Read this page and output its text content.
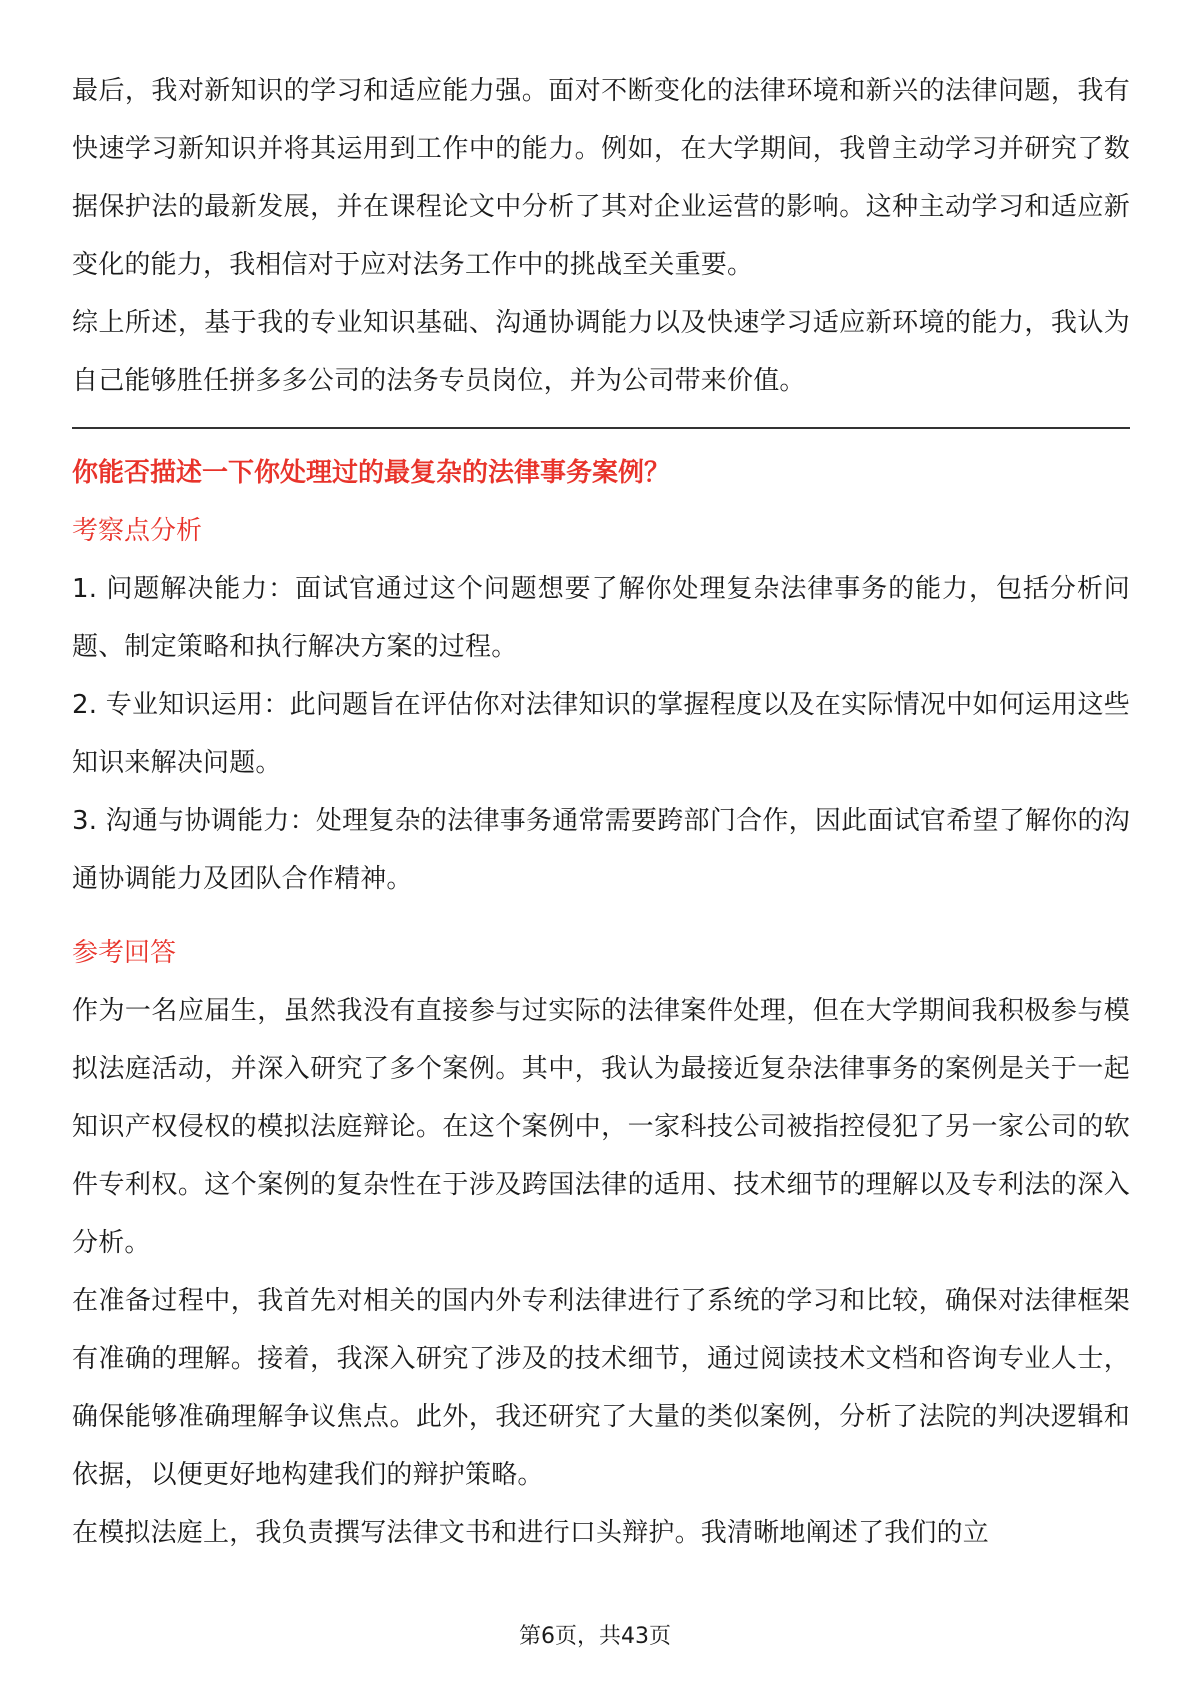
最后，我对新知识的学习和适应能力强。面对不断变化的法律环境和新兴的法律问题，我有快速学习新知识并将其运用到工作中的能力。例如，在大学期间，我曾主动学习并研究了数据保护法的最新发展，并在课程论文中分析了其对企业运营的影响。这种主动学习和适应新变化的能力，我相信对于应对法务工作中的挑战至关重要。

综上所述，基于我的专业知识基础、沟通协调能力以及快速学习适应新环境的能力，我认为自己能够胜任拼多多公司的法务专员岗位，并为公司带来价值。

你能否描述一下你处理过的最复杂的法律事务案例？
考察点分析

1. 问题解决能力：面试官通过这个问题想要了解你处理复杂法律事务的能力，包括分析问题、制定策略和执行解决方案的过程。

2. 专业知识运用：此问题旨在评估你对法律知识的掌握程度以及在实际情况中如何运用这些知识来解决问题。

3. 沟通与协调能力：处理复杂的法律事务通常需要跨部门合作，因此面试官希望了解你的沟通协调能力及团队合作精神。

参考回答

作为一名应届生，虽然我没有直接参与过实际的法律案件处理，但在大学期间我积极参与模拟法庭活动，并深入研究了多个案例。其中，我认为最接近复杂法律事务的案例是关于一起知识产权侵权的模拟法庭辩论。在这个案例中，一家科技公司被指控侵犯了另一家公司的软件专利权。这个案例的复杂性在于涉及跨国法律的适用、技术细节的理解以及专利法的深入分析。

在准备过程中，我首先对相关的国内外专利法律进行了系统的学习和比较，确保对法律框架有准确的理解。接着，我深入研究了涉及的技术细节，通过阅读技术文档和咨询专业人士，确保能够准确理解争议焦点。此外，我还研究了大量的类似案例，分析了法院的判决逻辑和依据，以便更好地构建我们的辩护策略。

在模拟法庭上，我负责撰写法律文书和进行口头辩护。我清晰地阐述了我们的立

第6页，共43页
